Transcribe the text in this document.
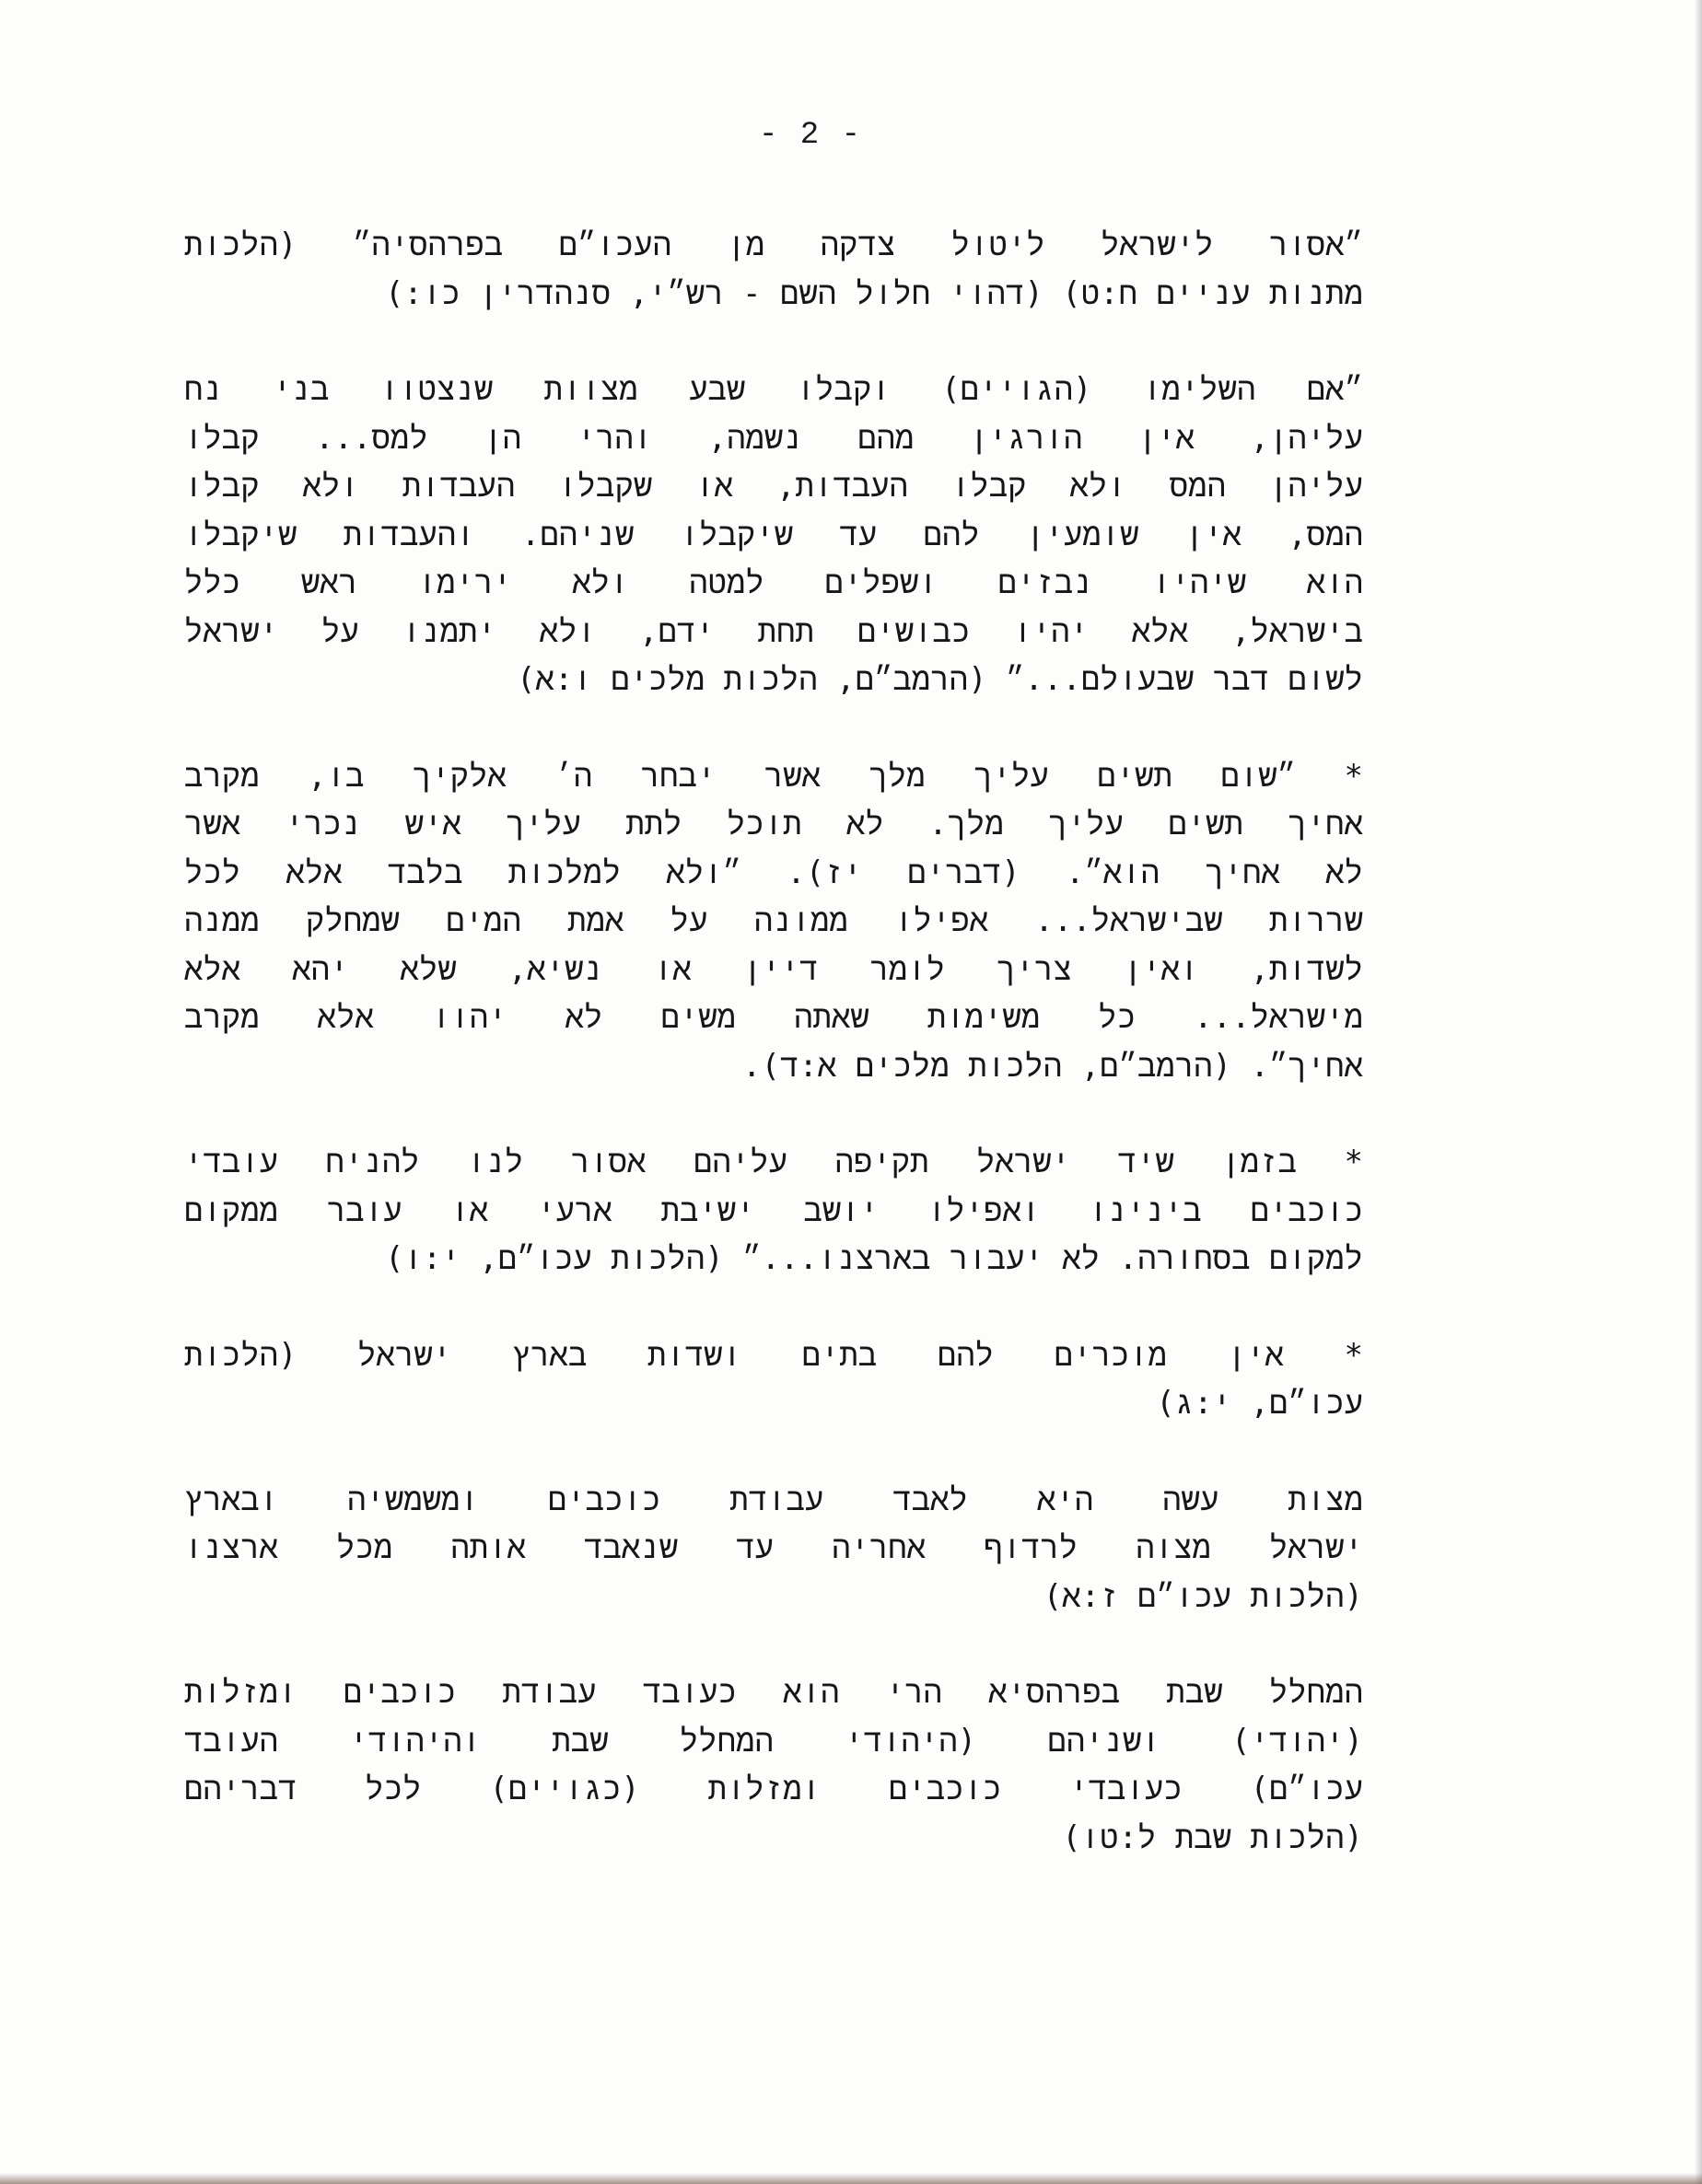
- 2 -
״אסור לישראל ליטול צדקה מן העכו״ם בפרהסיה״ (הלכות
מתנות עניים ח:ט) (דהוי חלול השם - רש״י, סנהדרין כו:)
״אם השלימו (הגויים) וקבלו שבע מצוות שנצטוו בני נח
עליהן, אין הורגין מהם נשמה, והרי הן למס... קבלו
עליהן המס ולא קבלו העבדות, או שקבלו העבדות ולא קבלו
המס, אין שומעין להם עד שיקבלו שניהם. והעבדות שיקבלו
הוא שיהיו נבזים ושפלים למטה ולא ירימו ראש כלל
בישראל, אלא יהיו כבושים תחת ידם, ולא יתמנו על ישראל
לשום דבר שבעולם...״ (הרמב״ם, הלכות מלכים ו:א)
* ״שום תשים עליך מלך אשר יבחר ה׳ אלקיך בו, מקרב
אחיך תשים עליך מלך. לא תוכל לתת עליך איש נכרי אשר
לא אחיך הוא״. (דברים יז). ״ולא למלכות בלבד אלא לכל
שררות שבישראל... אפילו ממונה על אמת המים שמחלק ממנה
לשדות, ואין צריך לומר דיין או נשיא, שלא יהא אלא
מישראל... כל משימות שאתה משים לא יהוו אלא מקרב
אחיך״. (הרמב״ם, הלכות מלכים א:ד).
* בזמן שיד ישראל תקיפה עליהם אסור לנו להניח עובדי
כוכבים בינינו ואפילו יושב ישיבת ארעי או עובר ממקום
למקום בסחורה. לא יעבור בארצנו...״ (הלכות עכו״ם, י:ו)
* אין מוכרים להם בתים ושדות בארץ ישראל (הלכות
עכו״ם, י:ג)
מצות עשה היא לאבד עבודת כוכבים ומשמשיה ובארץ
ישראל מצוה לרדוף אחריה עד שנאבד אותה מכל ארצנו
(הלכות עכו״ם ז:א)
המחלל שבת בפרהסיא הרי הוא כעובד עבודת כוכבים ומזלות
(יהודי) ושניהם (היהודי המחלל שבת והיהודי העובד
עכו״ם) כעובדי כוכבים ומזלות (כגויים) לכל דבריהם
(הלכות שבת ל:טו)
